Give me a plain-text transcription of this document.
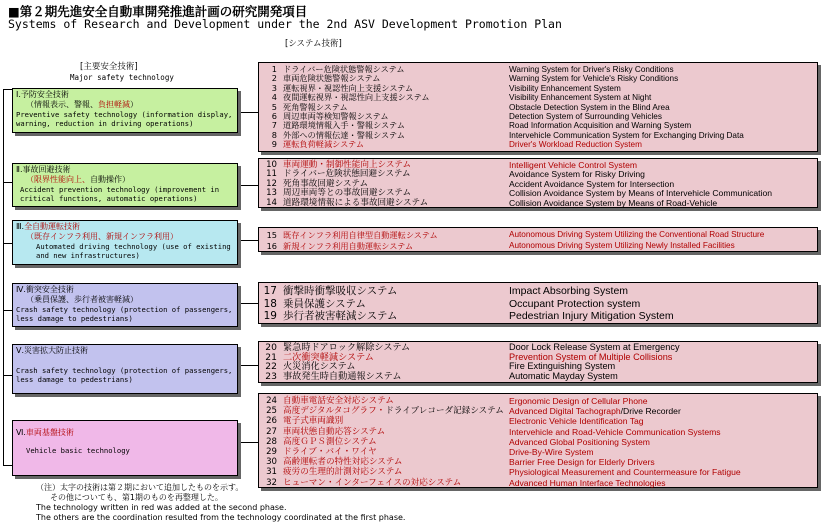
■第２期先進安全自動車開発推進計画の研究開発項目
Systems of Research and Development under the 2nd ASV Development Promotion Plan
[主要安全技術]
Major safety technology
[システム技術]
Ⅰ.予防安全技術
（情報表示、警報、負担軽減）
Preventive safety technology (information display, warning, reduction in driving operations)
Ⅱ.事故回避技術
（限界性能向上、自動操作）
Accident prevention technology (improvement in critical functions, automatic operations)
Ⅲ.全自動運転技術
（既存インフラ利用、新規インフラ利用）
Automated driving technology (use of existing and new infrastructures)
Ⅳ.衝突安全技術
（乗員保護、歩行者被害軽減）
Crash safety technology (protection of passengers, less damage to pedestrians)
Ⅴ.災害拡大防止技術
Crash safety technology (protection of passengers, less damage to pedestrians)
Ⅵ.車両基盤技術
Vehicle basic technology
1 ドライバー危険状態警報システム	Warning System for Driver's Risky Conditions
2 車両危険状態警報システム	Warning System for Vehicle's Risky Conditions
3 運転視界・視認性向上支援システム	Visibility Enhancement System
4 夜間運転視界・視認性向上支援システム	Visibility Enhancement System at Night
5 死角警報システム	Obstacle Detection System in the Blind Area
6 周辺車両等検知警報システム	Detection System of Surrounding Vehicles
7 道路環境情報入手・警報システム	Road Information Acquisition and Warning System
8 外部への情報伝達・警報システム	Intervehicle Communication System for Exchanging Driving Data
9 運転負荷軽減システム	Driver's Workload Reduction System
10 車両運動・制御性能向上システム	Intelligent Vehicle Control System
11 ドライバー危険状態回避システム	Avoidance System for Risky Driving
12 死角事故回避システム	Accident Avoidance System for Intersection
13 周辺車両等との事故回避システム	Collision Avoidance System by Means of Intervehicle Communication
14 道路環境情報による事故回避システム	Collision Avoidance System by Means of Road-Vehicle
15 既存インフラ利用自律型自動運転システム	Autonomous Driving System Utilizing the Conventional Road Structure
16 新規インフラ利用自動運転システム	Autonomous Driving System Utilizing Newly Installed Facilities
17 衝撃時衝撃吸収システム	Impact Absorbing System
18 乗員保護システム	Occupant Protection system
19 歩行者被害軽減システム	Pedestrian Injury Mitigation System
20 緊急時ドアロック解除システム	Door Lock Release System at Emergency
21 二次衝突軽減システム	Prevention System of Multiple Collisions
22 火災消化システム	Fire Extinguishing System
23 事故発生時自動通報システム	Automatic Mayday System
24 自動車電話安全対応システム	Ergonomic Design of Cellular Phone
25 高度デジタルタコグラフ・ドライブレコーダ記録システム Advanced Digital Tachograph/Drive Recorder
26 電子式車両識別	Electronic Vehicle Identification Tag
27 車両状態自動応答システム	Intervehicle and Road-Vehicle Communication Systems
28 高度ＧＰＳ測位システム	Advanced Global Positioning System
29 ドライブ・バイ・ワイヤ	Drive-By-Wire System
30 高齢運転者の特性対応システム	Barrier Free Design for Elderly Drivers
31 疲労の生理的計測対応システム	Physiological Measurement and Countermeasure for Fatigue
32 ヒューマン・インターフェイスの対応システム	Advanced Human Interface Technologies
（注）太字の技術は第２期において追加したものを示す。
その他についても、第1期のものを再整理した。
The technology written in red was added at the second phase.
The others are the coordination resulted from the technology coordinated at the first phase.
